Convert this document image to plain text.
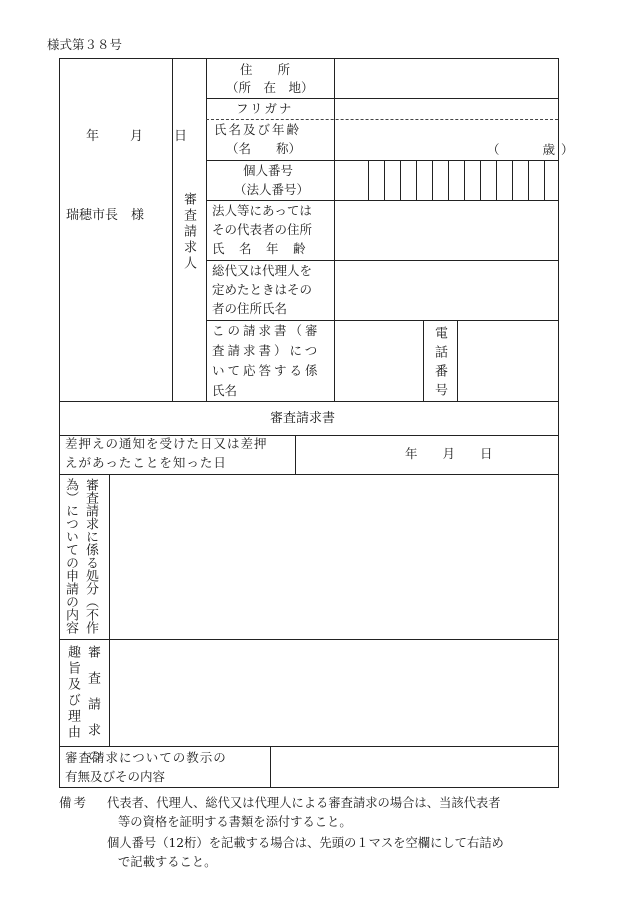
様式第３８号
年　月　日
瑞穂市長　様	審査請求人
住　　所
（所　在　地）
フリガナ
氏名及び年齢
（名　　称）	（　　歳）
個人番号
（法人番号）
法人等にあっては
その代表者の住所
氏　名　年　齢
総代又は代理人を
定めたときはその
者の住所氏名
この請求書（審
査請求書）につ
いて応答する係
氏名	電話番号
審査請求書
差押えの通知を受けた日又は差押
えがあったことを知った日
年　　月　　日
審査請求に係る処分（不作
為）についての申請の内容
審　査　請　求　の
趣旨及び理由
審査請求についての教示の
有無及びその内容
備考 代表者、代理人、総代又は代理人による審査請求の場合は、当該代表者
等の資格を証明する書類を添付すること。
個人番号（12桁）を記載する場合は、先頭の１マスを空欄にして右詰め
で記載すること。
